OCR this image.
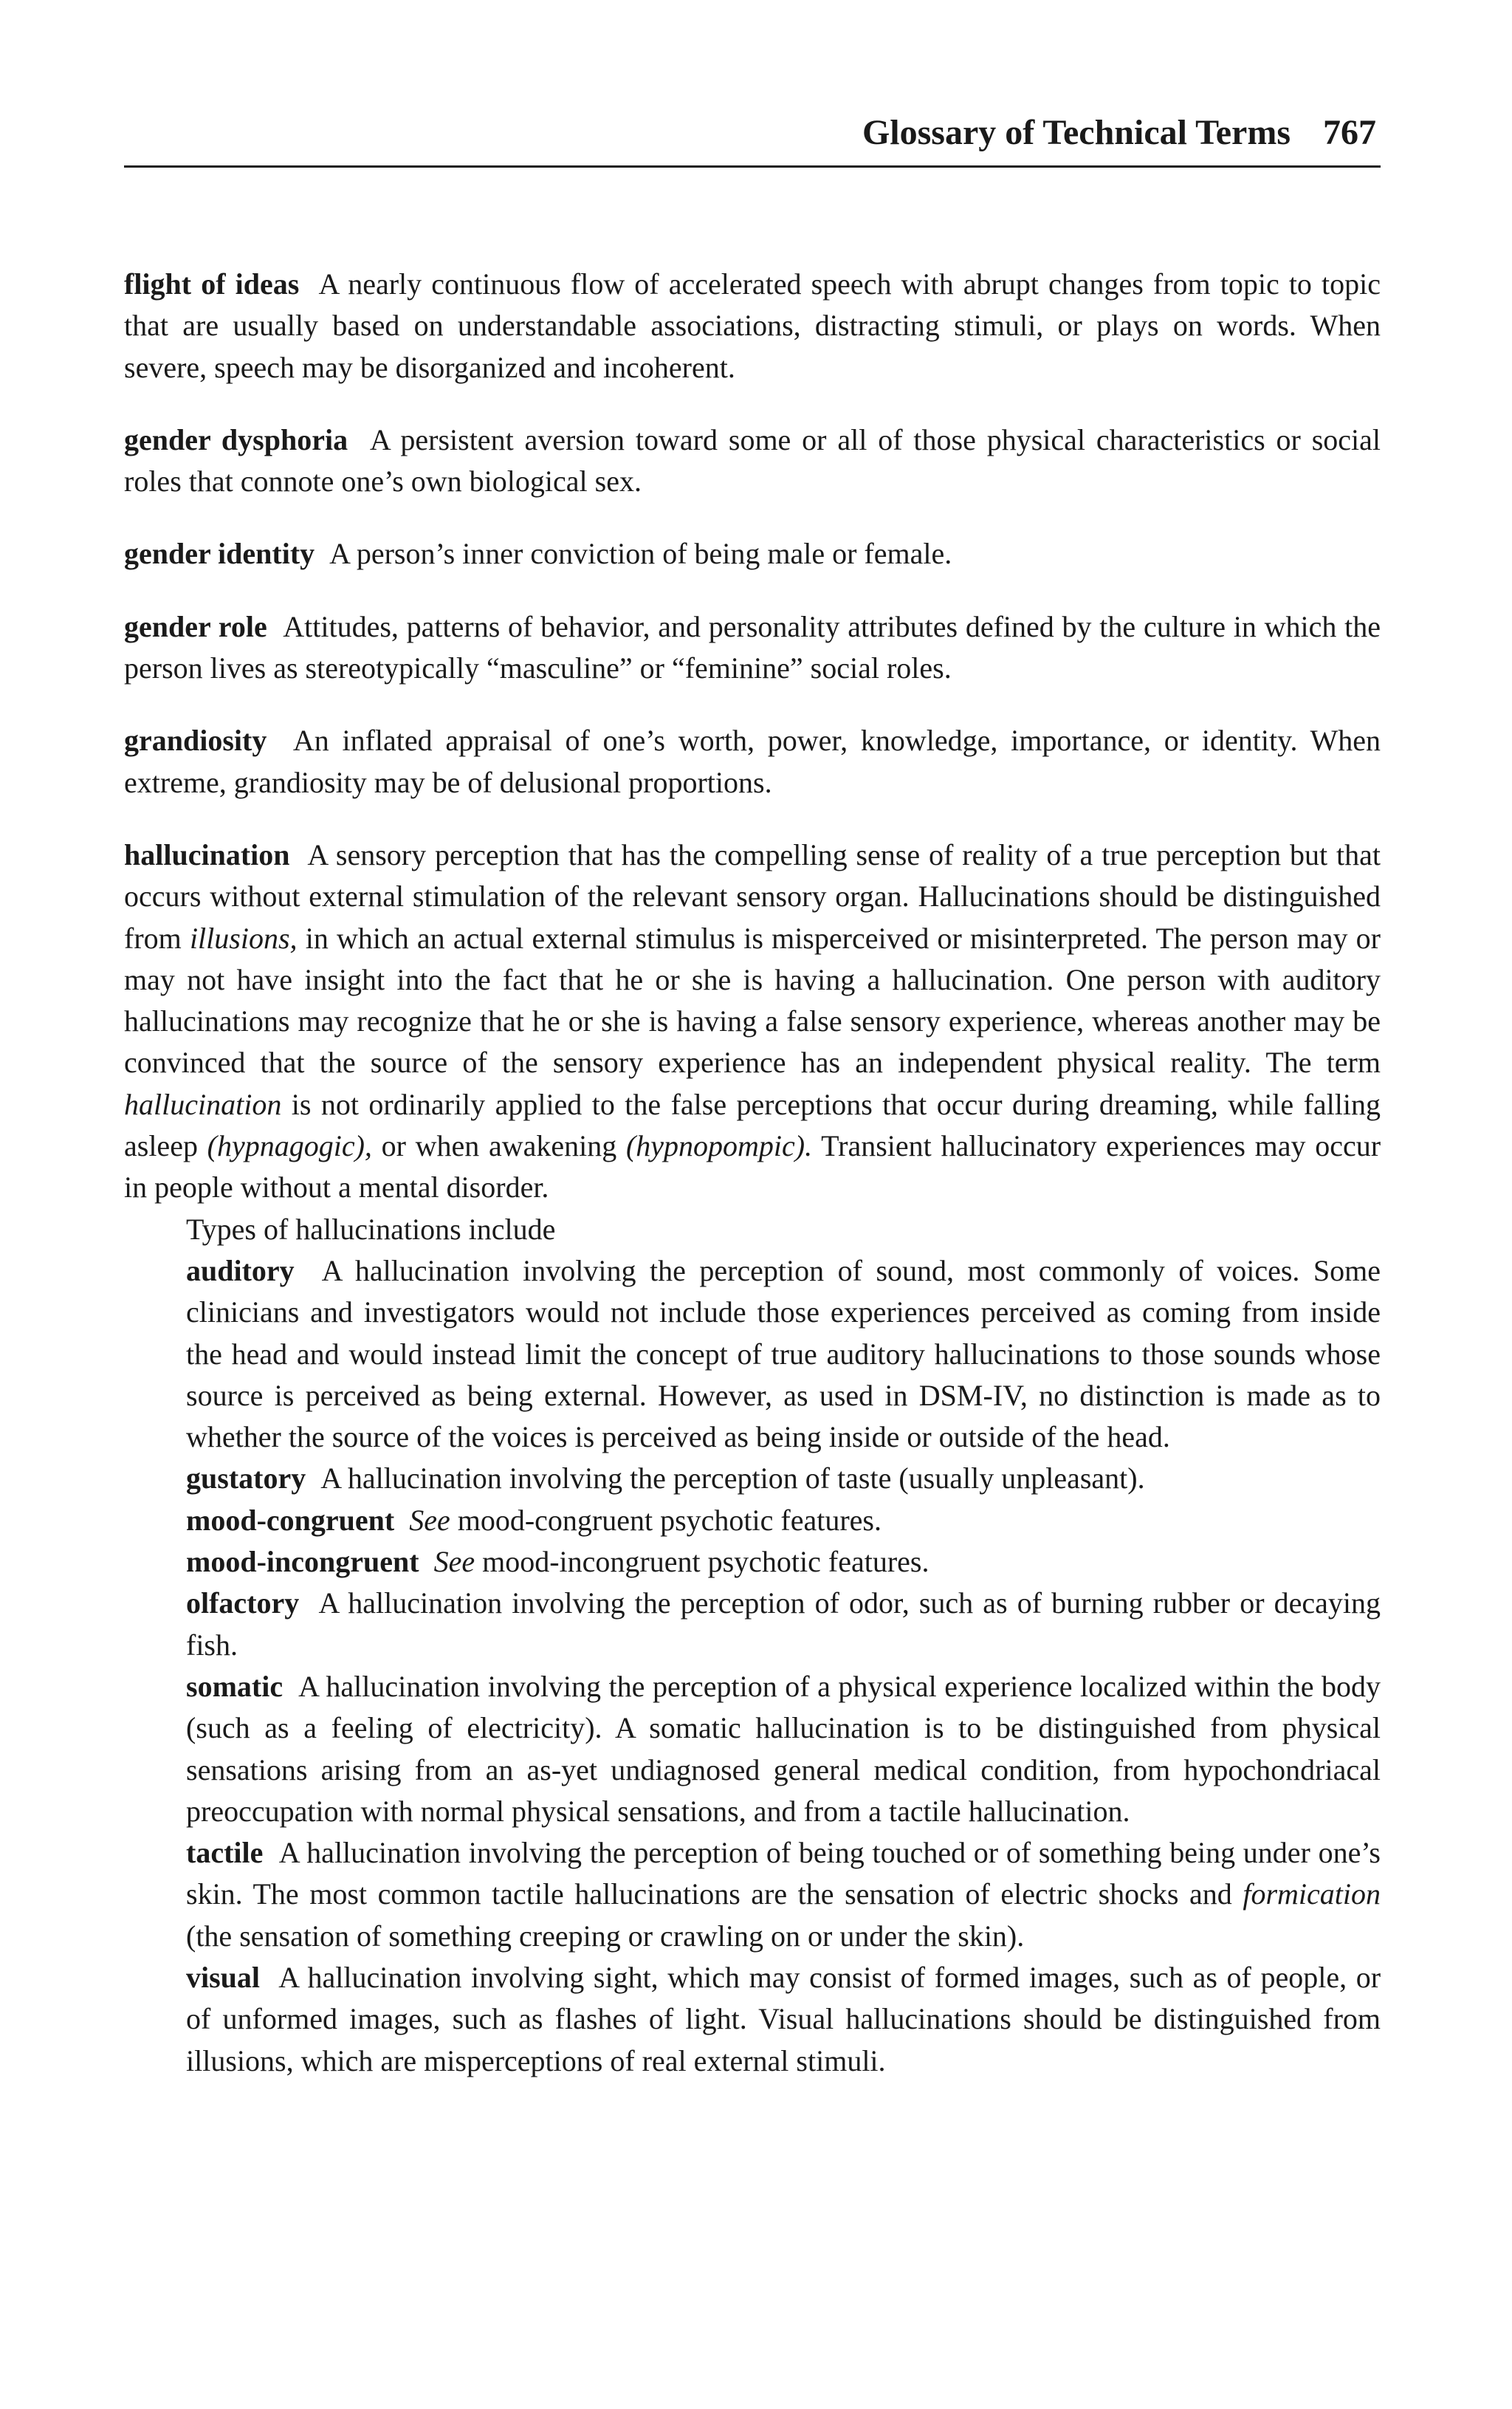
Glossary of Technical Terms 767

flight of ideas A nearly continuous flow of accelerated speech with abrupt changes from topic to topic that are usually based on understandable associations, distracting stimuli, or plays on words. When severe, speech may be disorganized and incoherent.

gender dysphoria A persistent aversion toward some or all of those physical characteristics or social roles that connote one’s own biological sex.

gender identity A person’s inner conviction of being male or female.

gender role Attitudes, patterns of behavior, and personality attributes defined by the culture in which the person lives as stereotypically “masculine” or “feminine” social roles.

grandiosity An inflated appraisal of one’s worth, power, knowledge, importance, or identity. When extreme, grandiosity may be of delusional proportions.

hallucination A sensory perception that has the compelling sense of reality of a true perception but that occurs without external stimulation of the relevant sensory organ. Hallucinations should be distinguished from illusions, in which an actual external stimulus is misperceived or misinterpreted. The person may or may not have insight into the fact that he or she is having a hallucination. One person with auditory hallucinations may recognize that he or she is having a false sensory experience, whereas another may be convinced that the source of the sensory experience has an independent physical reality. The term hallucination is not ordinarily applied to the false perceptions that occur during dreaming, while falling asleep (hypnagogic), or when awakening (hypnopompic). Transient hallucinatory experiences may occur in people without a mental disorder.

Types of hallucinations include

auditory A hallucination involving the perception of sound, most commonly of voices. Some clinicians and investigators would not include those experiences perceived as coming from inside the head and would instead limit the concept of true auditory hallucinations to those sounds whose source is perceived as being external. However, as used in DSM-IV, no distinction is made as to whether the source of the voices is perceived as being inside or outside of the head.

gustatory A hallucination involving the perception of taste (usually unpleasant).

mood-congruent See mood-congruent psychotic features.

mood-incongruent See mood-incongruent psychotic features.

olfactory A hallucination involving the perception of odor, such as of burning rubber or decaying fish.

somatic A hallucination involving the perception of a physical experience localized within the body (such as a feeling of electricity). A somatic hallucination is to be distinguished from physical sensations arising from an as-yet undiagnosed general medical condition, from hypochondriacal preoccupation with normal physical sensations, and from a tactile hallucination.

tactile A hallucination involving the perception of being touched or of something being under one’s skin. The most common tactile hallucinations are the sensation of electric shocks and formication (the sensation of something creeping or crawling on or under the skin).

visual A hallucination involving sight, which may consist of formed images, such as of people, or of unformed images, such as flashes of light. Visual hallucinations should be distinguished from illusions, which are misperceptions of real external stimuli.
